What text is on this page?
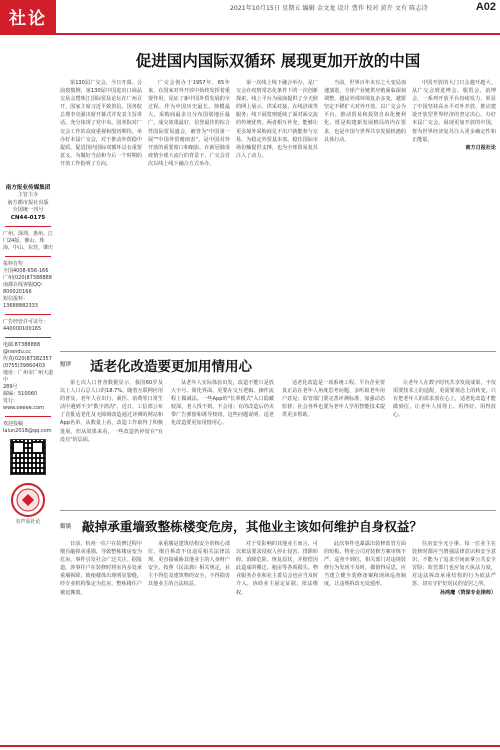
社论
2021年10月15日 星期五 编辑 金文龙 设计 曹作 校对 黄卉 文有 陈志诗	A02
南方报业传媒集团
主管主办
南方都市报社出版
全国统一刊号
CN44-0175
广州、深圳、惠州、江门24版，佛山、珠海、中山、东莞、肇庆
报料有奖
全国4008-656-166
广州(020)87388888
南都在线客服QQ：
800020166
短信报料：
13688882333
广告经营许可证号：
440000100165
电邮:87388888
@nandu.cc
传真(020)87382357
(0755)39860403
地址：广州市广州大道中
289号
邮编：510060
发行：
www.oeeee.com
欢迎投稿
laiun2018@qq.com
有声原社论
促进国内国际双循环 展现更加开放的中国

第130届广交会，今日开幕。会前按惯例，第130届中国进出口商品交易会暨珠江国际贸易论坛在广州召开，国家主席习近平致贺信。国务院总理李克强出席开幕式并发表主旨讲话。充分体现了党中央、国务院对广交会工作的高度重视和殷切期待。举办好本届广交会，对于推动外贸稳中提质、促进国内国际双循环具有重要意义，为做好当前和今后一个时期的开放工作指明了方向。

广交会创办于1957年，65年来，在国家对外开放中始终发挥着重要作用，见证了新中国外贸发展的全过程。作为中国历史最长、规模最大、采购商最多且分布国别地区最广、成交效果最好、信誉最佳的综合性国际贸易盛会，被誉为"中国第一展""中国外贸晴雨表"，是中国对外开放的重要窗口和缩影。在新冠肺炎疫情全球大流行的背景下，广交会首次以线上线下融合方式举办。

第一次线上线下融合举办，是广交会在疫情常态化条件下的一次创新探索。线上平台为展商提供了全天候的网上展示、供采对接、在线洽谈等服务；线下展览则延续了面对面交流的传统优势。两者相互补充，能够让更多境外采购商足不出户就能参与交易，为稳定外贸基本盘、稳住国际市场份额提供支撑，也为全球贸易复苏注入了动力。

当前，世界百年未有之大变局加速演进，全球产业链供应链面临深刻调整。越是外部环境复杂多变，越要坚定不移扩大对外开放。以广交会为平台，推动贸易和投资自由化便利化，既是构建新发展格局的内在要求，也是中国与世界共享发展机遇的具体行动。

中国开放的大门只会越开越大。从广交会到进博会、服贸会、消博会，一系列开放平台持续发力，彰显了中国坚持高水平对外开放、推动建设开放型世界经济的坚定决心。办好本届广交会，展现更加开放的中国，将为世界经济复苏注入更多确定性和正能量。

南方日报社论
短评 适老化改造要更加用情用心

第七次人口普查数据显示，我国60岁及以上人口占总人口的18.7%。随着互联网应用的普及，老年人在出行、就医、消费等日常生活中遇到不少"数字鸿沟"。近日，工信部公布了首批适老化及无障碍改造通过评测的网站和App名单，从数量上看，改造工作取得了积极进展，但从效果来看，一些改造仍停留在"有没有"的层面。

从老年人实际体验出发，改造不能只是放大字号、简化界面，更要在交互逻辑、操作流程上做减法。一些App的"长辈模式"入口隐藏较深，老人找不到、不会用；有的改造后仍夹带广告弹窗和诱导按钮。这些问题说明，适老化改造要更加用情用心。

适老化改造是一项系统工程。平台企业要真正站在老年人角度思考问题，多听取老年用户意见；监管部门要完善评测标准，加强动态监督；社会各界也要为老年人学用智能技术提供更多帮助。

让老年人在数字时代共享发展成果，不仅需要技术上的适配，更需要观念上的转变。只有把老年人的需求放在心上，适老化改造才能做到位，让老年人用得上、用得好、用得放心。

街谈 敲掉承重墙致整栋楼变危房，其他业主该如何维护自身权益？

日前，杭州一住户在装修过程中擅自敲掉承重墙，导致整栋楼房变为危房，事件引发社会广泛关注。据报道，涉事住户在装修时将室内多处承重墙拆除，致使楼体出现明显裂缝，经专业机构鉴定为危房，整栋楼住户被迫搬离。

承重墙是建筑结构安全的核心部位，擅自拆改不仅违反相关法律法规，更直接威胁其他业主的人身财产安全。按照《民法典》相关规定，业主不得危及建筑物的安全，不得损害其他业主的合法权益。

对于受影响的其他业主而言，可以依法要求侵权人停止侵害、排除妨碍、消除危险、恢复原状，并赔偿因此造成的搬迁、租房等各项损失。物业服务企业和业主委员会也应当及时介入，协助业主固定证据、依法维权。

此次事件也暴露出装修监管方面的短板。物业公司对装修方案审核不严、巡查不到位，相关部门对违规装修行为发现不及时，都值得反思。应当建立健全装修备案和现场巡查制度，让违规拆改无处遁形。

住房安全无小事。每一位业主在装修时都应当增强法律意识和安全意识，不能为了追求空间而拿公共安全冒险；监管部门也应加大执法力度，对违法拆改承重结构的行为依法严惩，切实守护好居民的安居之所。

孙鸿鹰（资深专业律师）
